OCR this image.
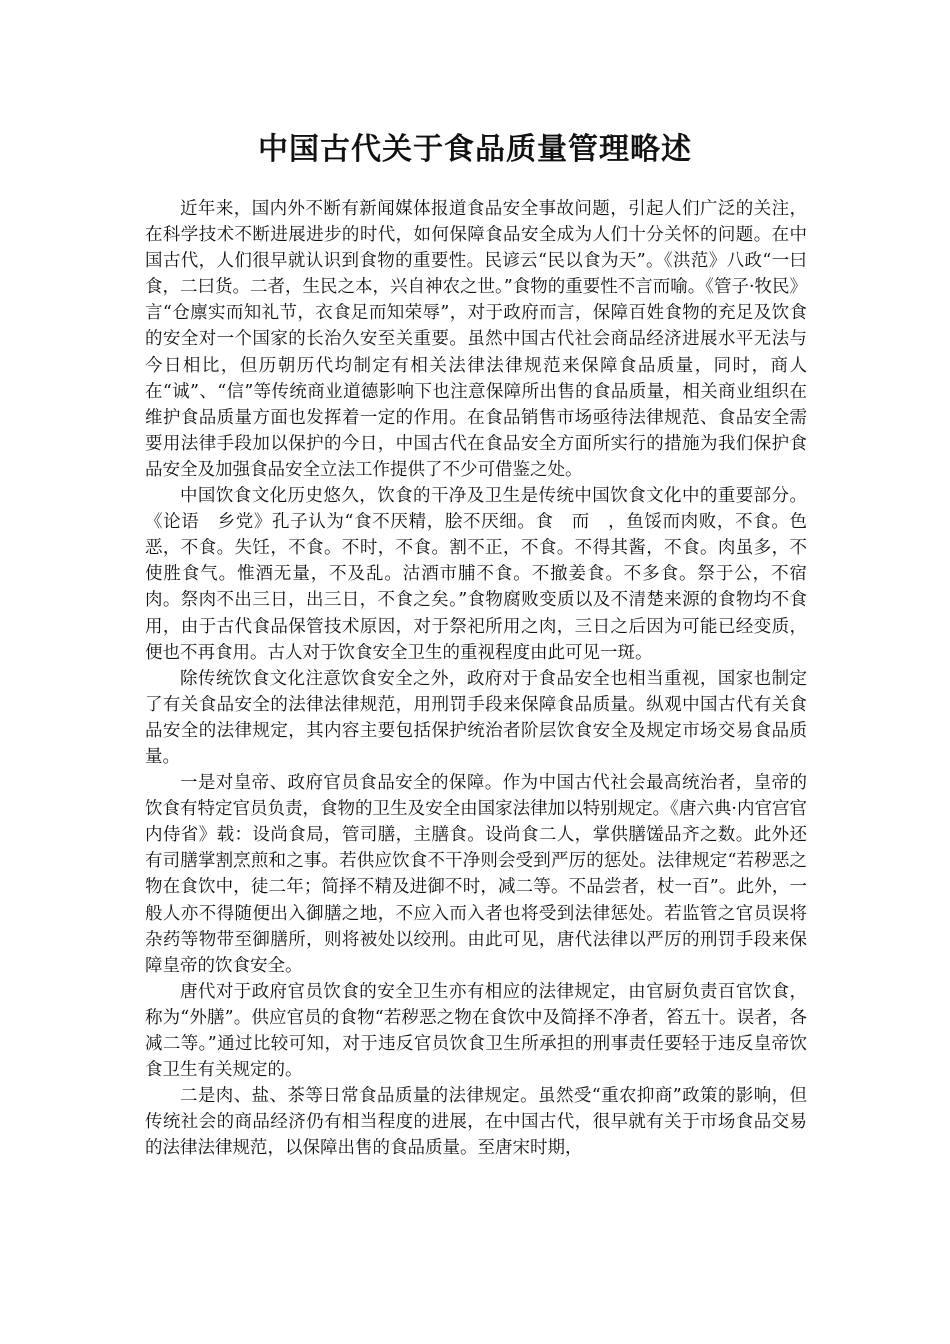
中国古代关于食品质量管理略述

近年来，国内外不断有新闻媒体报道食品安全事故问题，引起人们广泛的关注，在科学技术不断进展进步的时代，如何保障食品安全成为人们十分关怀的问题。在中国古代，人们很早就认识到食物的重要性。民谚云“民以食为天”。《洪范》八政“一曰食，二曰货。二者，生民之本，兴自神农之世。”食物的重要性不言而喻。《管子·牧民》言“仓廪实而知礼节，衣食足而知荣辱”，对于政府而言，保障百姓食物的充足及饮食的安全对一个国家的长治久安至关重要。虽然中国古代社会商品经济进展水平无法与今日相比，但历朝历代均制定有相关法律法律规范来保障食品质量，同时，商人在“诚”、“信”等传统商业道德影响下也注意保障所出售的食品质量，相关商业组织在维护食品质量方面也发挥着一定的作用。在食品销售市场亟待法律规范、食品安全需要用法律手段加以保护的今日，中国古代在食品安全方面所实行的措施为我们保护食品安全及加强食品安全立法工作提供了不少可借鉴之处。

中国饮食文化历史悠久，饮食的干净及卫生是传统中国饮食文化中的重要部分。《论语　乡党》孔子认为“食不厌精，脍不厌细。食　而　，鱼馁而肉败，不食。色恶，不食。失饪，不食。不时，不食。割不正，不食。不得其酱，不食。肉虽多，不使胜食气。惟酒无量，不及乱。沽酒市脯不食。不撤姜食。不多食。祭于公，不宿肉。祭肉不出三日，出三日，不食之矣。”食物腐败变质以及不清楚来源的食物均不食用，由于古代食品保管技术原因，对于祭祀所用之肉，三日之后因为可能已经变质，便也不再食用。古人对于饮食安全卫生的重视程度由此可见一斑。

除传统饮食文化注意饮食安全之外，政府对于食品安全也相当重视，国家也制定了有关食品安全的法律法律规范，用刑罚手段来保障食品质量。纵观中国古代有关食品安全的法律规定，其内容主要包括保护统治者阶层饮食安全及规定市场交易食品质量。

一是对皇帝、政府官员食品安全的保障。作为中国古代社会最高统治者，皇帝的饮食有特定官员负责，食物的卫生及安全由国家法律加以特别规定。《唐六典·内官宫官内侍省》载：设尚食局，管司膳，主膳食。设尚食二人，掌供膳馐品齐之数。此外还有司膳掌割烹煎和之事。若供应饮食不干净则会受到严厉的惩处。法律规定“若秽恶之物在食饮中，徒二年；简择不精及进御不时，减二等。不品尝者，杖一百”。此外，一般人亦不得随便出入御膳之地，不应入而入者也将受到法律惩处。若监管之官员误将杂药等物带至御膳所，则将被处以绞刑。由此可见，唐代法律以严厉的刑罚手段来保障皇帝的饮食安全。

唐代对于政府官员饮食的安全卫生亦有相应的法律规定，由官厨负责百官饮食，称为“外膳”。供应官员的食物“若秽恶之物在食饮中及简择不净者，笞五十。误者，各减二等。”通过比较可知，对于违反官员饮食卫生所承担的刑事责任要轻于违反皇帝饮食卫生有关规定的。

二是肉、盐、茶等日常食品质量的法律规定。虽然受“重农抑商”政策的影响，但传统社会的商品经济仍有相当程度的进展，在中国古代，很早就有关于市场食品交易的法律法律规范，以保障出售的食品质量。至唐宋时期，
